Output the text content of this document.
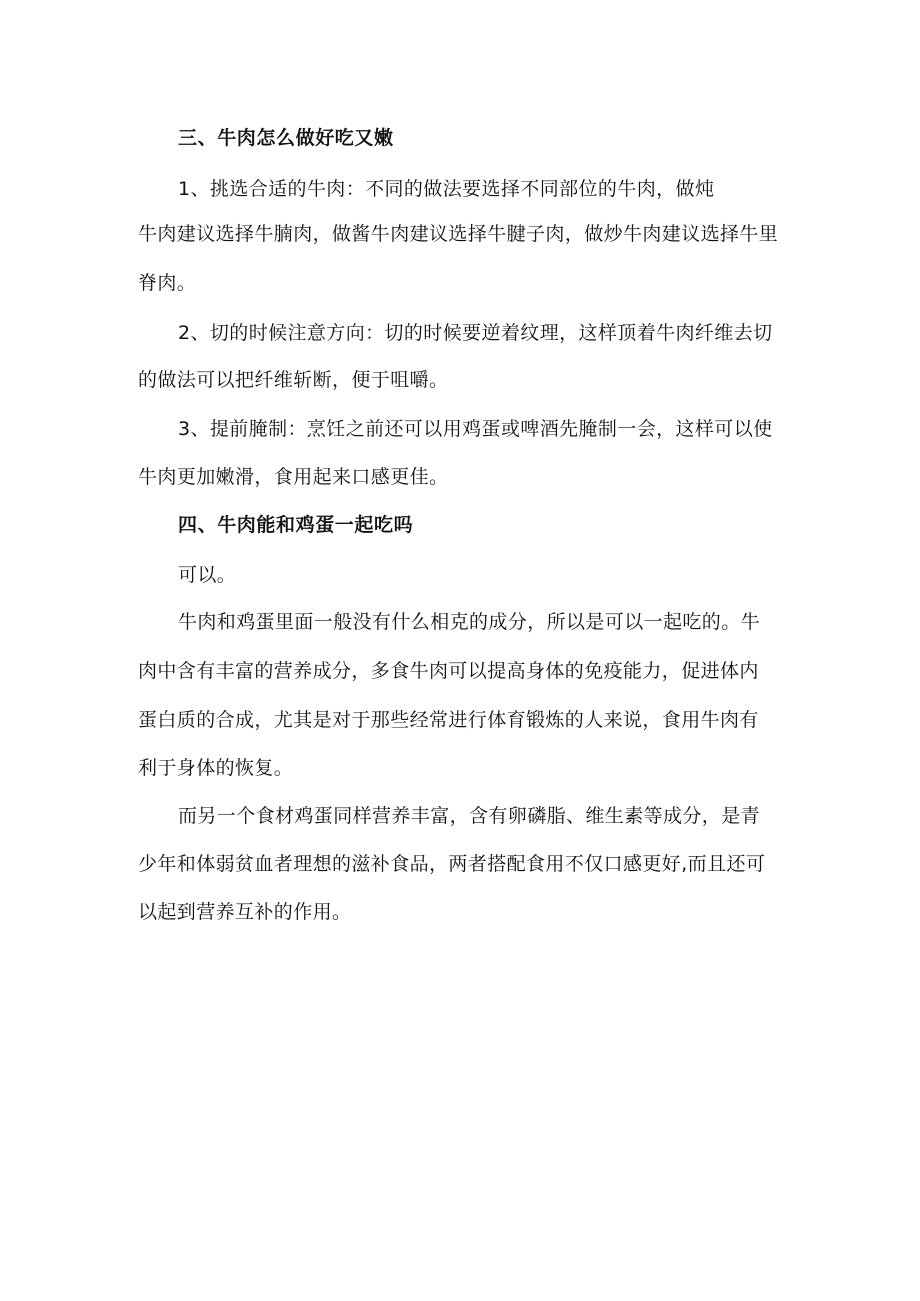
三、牛肉怎么做好吃又嫩
1、挑选合适的牛肉：不同的做法要选择不同部位的牛肉，做炖
牛肉建议选择牛腩肉，做酱牛肉建议选择牛腱子肉，做炒牛肉建议选择牛里
脊肉。
2、切的时候注意方向：切的时候要逆着纹理，这样顶着牛肉纤维去切
的做法可以把纤维斩断，便于咀嚼。
3、提前腌制：烹饪之前还可以用鸡蛋或啤酒先腌制一会，这样可以使
牛肉更加嫩滑，食用起来口感更佳。
四、牛肉能和鸡蛋一起吃吗
可以。
牛肉和鸡蛋里面一般没有什么相克的成分，所以是可以一起吃的。牛
肉中含有丰富的营养成分，多食牛肉可以提高身体的免疫能力，促进体内
蛋白质的合成，尤其是对于那些经常进行体育锻炼的人来说，食用牛肉有
利于身体的恢复。
而另一个食材鸡蛋同样营养丰富，含有卵磷脂、维生素等成分，是青
少年和体弱贫血者理想的滋补食品，两者搭配食用不仅口感更好,而且还可
以起到营养互补的作用。
